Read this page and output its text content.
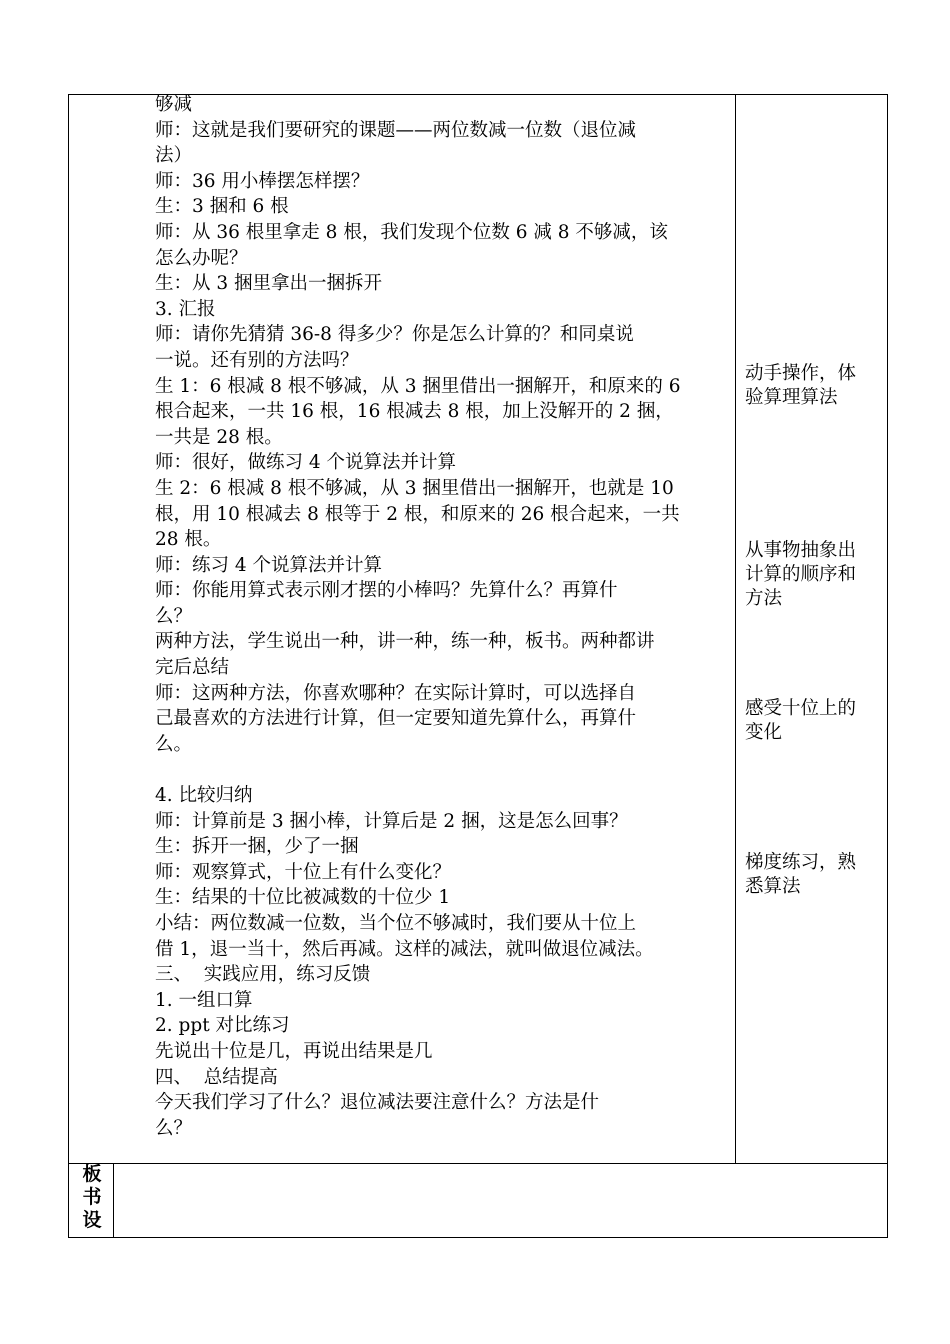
够减
师：这就是我们要研究的课题——两位数减一位数（退位减
法）
师：36 用小棒摆怎样摆？
生：3 捆和 6 根
师：从 36 根里拿走 8 根，我们发现个位数 6 减 8 不够减，该
怎么办呢？
生：从 3 捆里拿出一捆拆开
3. 汇报
师：请你先猜猜 36-8 得多少？你是怎么计算的？和同桌说
一说。还有别的方法吗？
生 1：6 根减 8 根不够减，从 3 捆里借出一捆解开，和原来的 6
根合起来，一共 16 根，16 根减去 8 根，加上没解开的 2 捆，
一共是 28 根。
师：很好，做练习 4 个说算法并计算
生 2：6 根减 8 根不够减，从 3 捆里借出一捆解开，也就是 10
根，用 10 根减去 8 根等于 2 根，和原来的 26 根合起来，一共
28 根。
师：练习 4 个说算法并计算
师：你能用算式表示刚才摆的小棒吗？先算什么？再算什
么？
两种方法，学生说出一种，讲一种，练一种，板书。两种都讲
完后总结
师：这两种方法，你喜欢哪种？在实际计算时，可以选择自
己最喜欢的方法进行计算，但一定要知道先算什么，再算什
么。
4. 比较归纳
师：计算前是 3 捆小棒，计算后是 2 捆，这是怎么回事？
生：拆开一捆，少了一捆
师：观察算式，十位上有什么变化？
生：结果的十位比被减数的十位少 1
小结：两位数减一位数，当个位不够减时，我们要从十位上
借 1，退一当十，然后再减。这样的减法，就叫做退位减法。
三、  实践应用，练习反馈
1. 一组口算
2. ppt 对比练习
先说出十位是几，再说出结果是几
四、  总结提高
今天我们学习了什么？退位减法要注意什么？方法是什
么？
动手操作，体
验算理算法
从事物抽象出
计算的顺序和
方法
感受十位上的
变化
梯度练习，熟
悉算法
板
书
设
